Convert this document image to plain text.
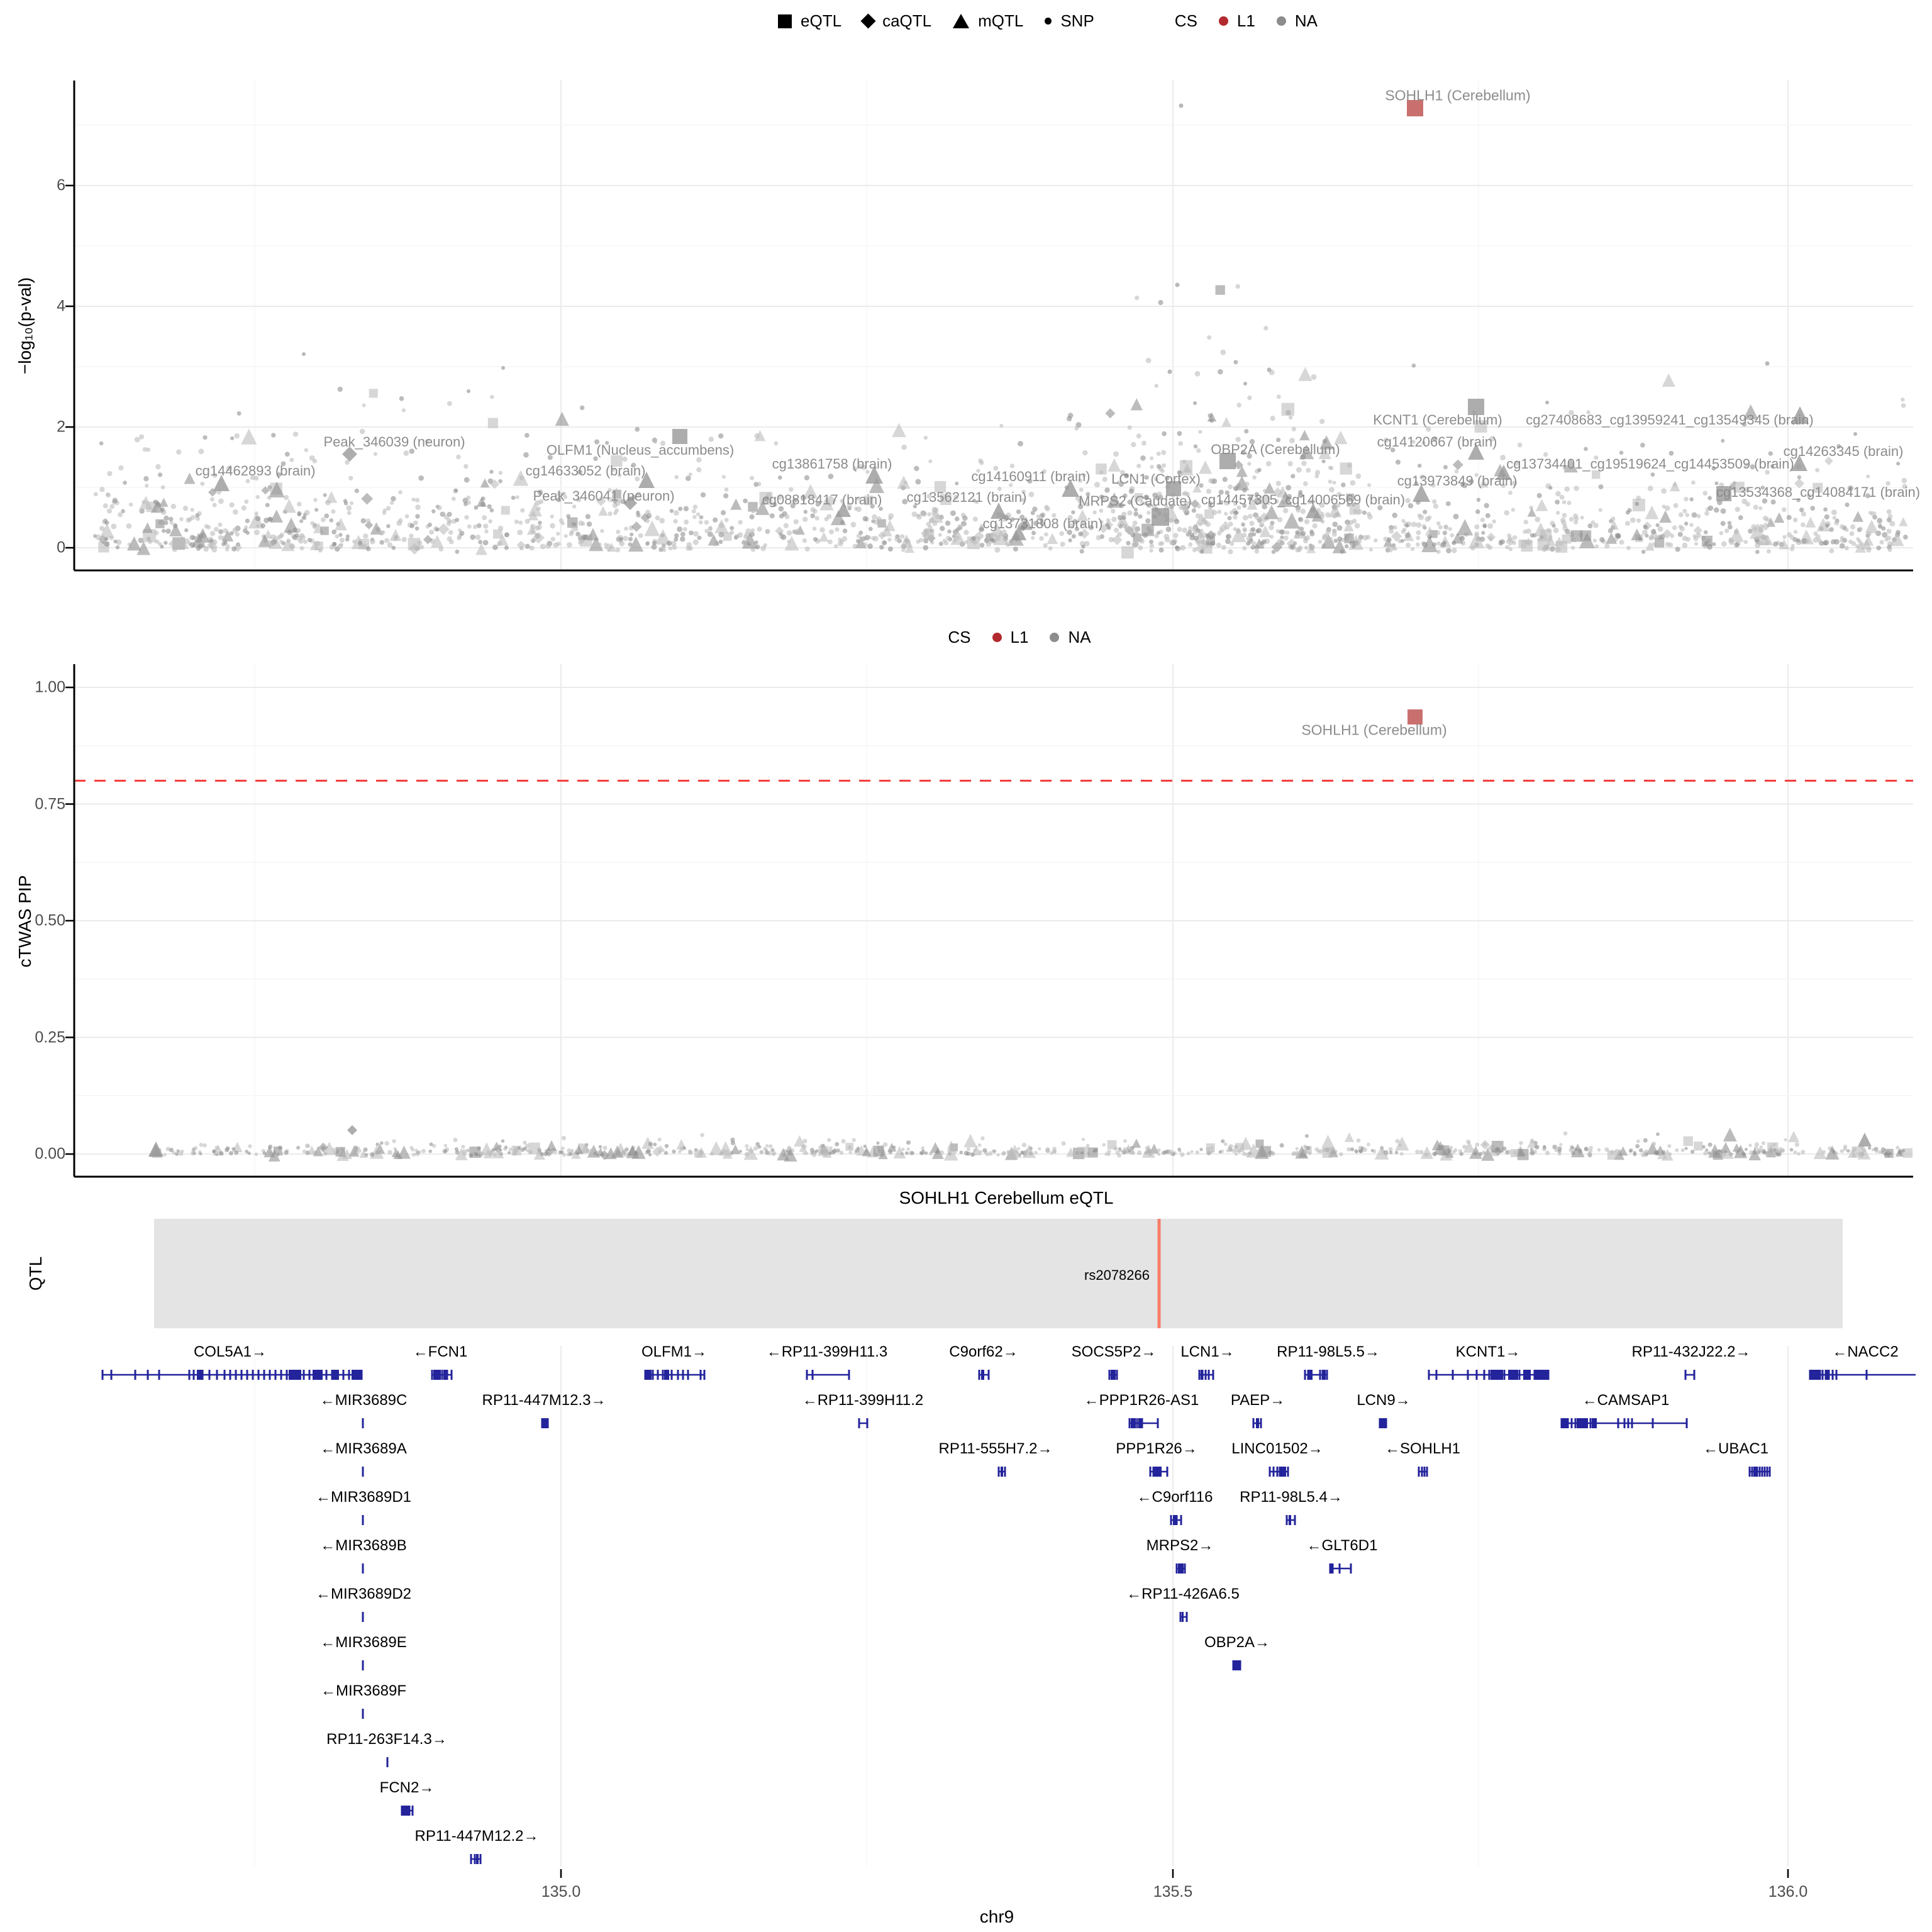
eQTL	caQTL	mQTL SNP	CS L1 NA
CS L1 NA
−log₁₀(p-val)
cTWAS PIP
QTL
SOHLH1 Cerebellum eQTL
rs2078266
chr9
SOHLH1 (Cerebellum)
SOHLH1 (Cerebellum)
0
2
4
6
0.00
0.25
0.50
0.75
1.00
135.0	135.5	136.0
Peak_346039 (neuron)
cg14462893 (brain)
OLFM1 (Nucleus_accumbens)
cg14633052 (brain)
Peak_346041 (neuron)
cg13861758 (brain)
cg14160911 (brain) LCN1 (Cortex)
OBP2A (Cerebellum)
cg08818417 (brain) cg13562121 (brain)	MRPS2 (Caudate) cg14457305_cg14006569 (brain)
cg13731808 (brain)
KCNT1 (Cerebellum) cg27408683_cg13959241_cg13549345 (brain)
cg14120667 (brain)
cg14263345 (brain)
cg13734401_cg19519624_cg14453509 (brain)
cg13973849 (brain)
cg13534368_cg14084171 (brain)
COL5A1→	←FCN1	OLFM1→	←RP11-399H11.3	C9orf62→	SOCS5P2→ LCN1→	RP11-98L5.5→	KCNT1→	RP11-432J22.2→	←NACC2
←MIR3689C	RP11-447M12.3→	←RP11-399H11.2	←PPP1R26-AS1 PAEP→	LCN9→	←CAMSAP1
←MIR3689A	RP11-555H7.2→	PPP1R26→ LINC01502→	←SOHLH1	←UBAC1
←MIR3689D1	←C9orf116 RP11-98L5.4→
←MIR3689B	MRPS2→	←GLT6D1
←MIR3689D2	←RP11-426A6.5
←MIR3689E	OBP2A→
←MIR3689F
RP11-263F14.3→
FCN2→
RP11-447M12.2→
